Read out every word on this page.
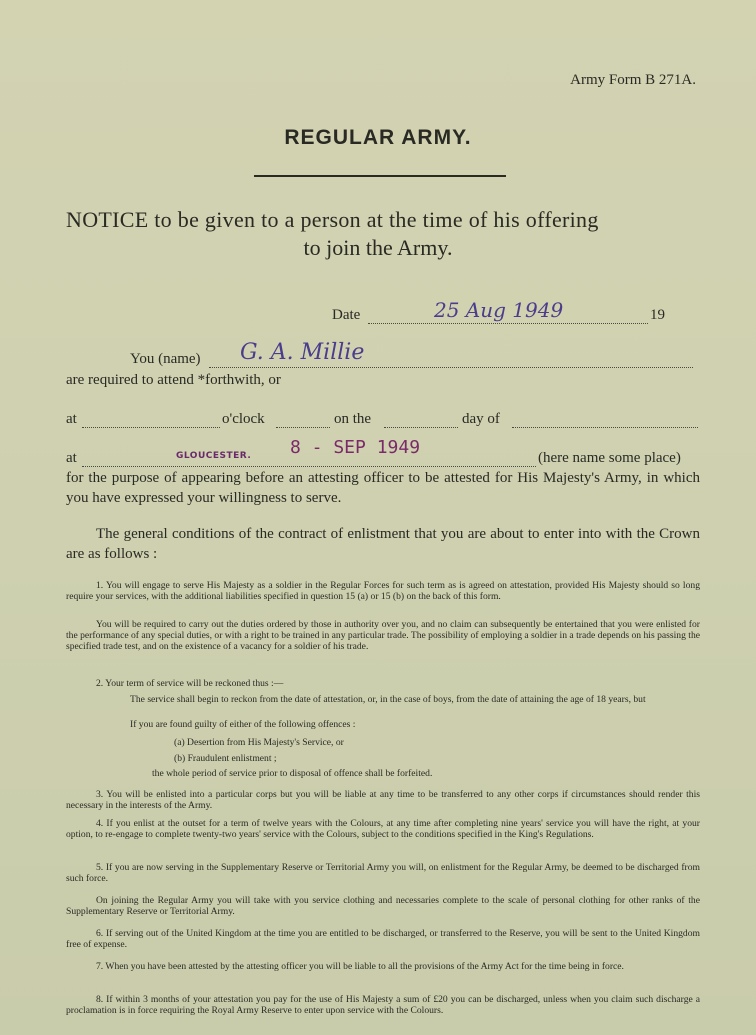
Army Form B 271A.
REGULAR ARMY.
NOTICE to be given to a person at the time of his offering
to join the Army.
Date	25 Aug 1949	19
You (name) G. A. Millie
are required to attend *forthwith, or
at	o'clock	on the	day of
at	GLOUCESTER. 8 - SEP 1949	(here name some place)
for the purpose of appearing before an attesting officer to be attested for His Majesty's Army, in which you have expressed your willingness to serve.
The general conditions of the contract of enlistment that you are about to enter into with the Crown are as follows :
1. You will engage to serve His Majesty as a soldier in the Regular Forces for such term as is agreed on attestation, provided His Majesty should so long require your services, with the additional liabilities specified in question 15 (a) or 15 (b) on the back of this form.
You will be required to carry out the duties ordered by those in authority over you, and no claim can subsequently be entertained that you were enlisted for the performance of any special duties, or with a right to be trained in any particular trade. The possibility of employing a soldier in a trade depends on his passing the specified trade test, and on the existence of a vacancy for a soldier of his trade.
2. Your term of service will be reckoned thus :—
The service shall begin to reckon from the date of attestation, or, in the case of boys, from the date of attaining the age of 18 years, but
If you are found guilty of either of the following offences :
(a) Desertion from His Majesty's Service, or
(b) Fraudulent enlistment ;
the whole period of service prior to disposal of offence shall be forfeited.
3. You will be enlisted into a particular corps but you will be liable at any time to be transferred to any other corps if circumstances should render this necessary in the interests of the Army.
4. If you enlist at the outset for a term of twelve years with the Colours, at any time after completing nine years' service you will have the right, at your option, to re-engage to complete twenty-two years' service with the Colours, subject to the conditions specified in the King's Regulations.
5. If you are now serving in the Supplementary Reserve or Territorial Army you will, on enlistment for the Regular Army, be deemed to be discharged from such force.
On joining the Regular Army you will take with you service clothing and necessaries complete to the scale of personal clothing for other ranks of the Supplementary Reserve or Territorial Army.
6. If serving out of the United Kingdom at the time you are entitled to be discharged, or transferred to the Reserve, you will be sent to the United Kingdom free of expense.
7. When you have been attested by the attesting officer you will be liable to all the provisions of the Army Act for the time being in force.
8. If within 3 months of your attestation you pay for the use of His Majesty a sum of £20 you can be discharged, unless when you claim such discharge a proclamation is in force requiring the Royal Army Reserve to enter upon service with the Colours.
